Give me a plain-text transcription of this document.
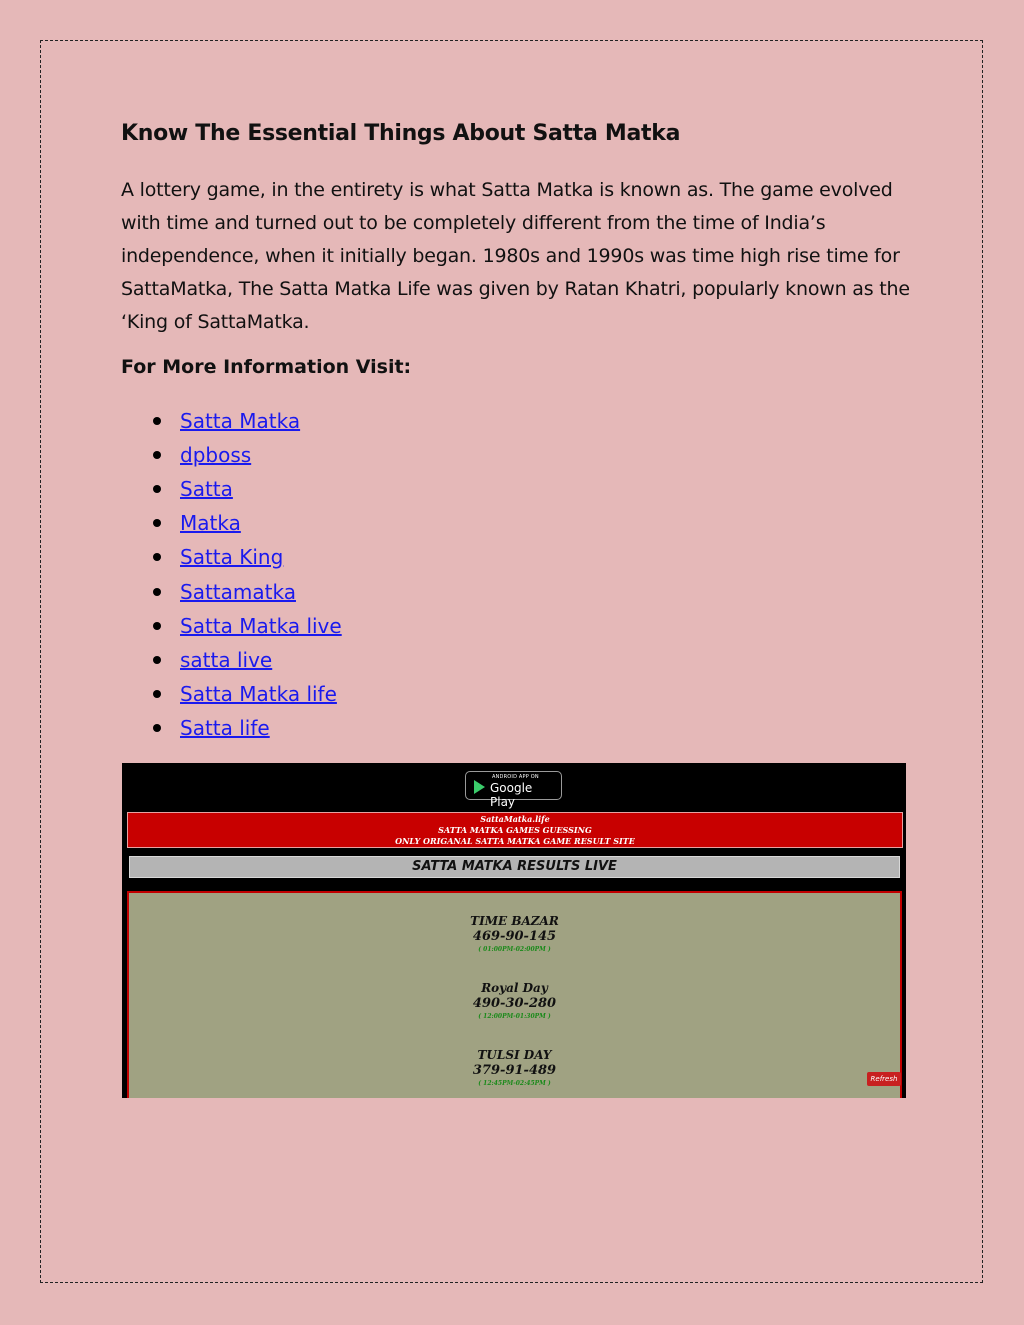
Know The Essential Things About Satta Matka

A lottery game, in the entirety is what Satta Matka is known as. The game evolved with time and turned out to be completely different from the time of India’s independence, when it initially began. 1980s and 1990s was time high rise time for SattaMatka, The Satta Matka Life was given by Ratan Khatri, popularly known as the ‘King of SattaMatka.

For More Information Visit:

Satta Matka
dpboss
Satta
Matka
Satta King
Sattamatka
Satta Matka live
satta live
Satta Matka life
Satta life
ANDROID APP ON
Google Play
SattaMatka.life
SATTA MATKA GAMES GUESSING
ONLY ORIGANAL SATTA MATKA GAME RESULT SITE
SATTA MATKA RESULTS LIVE
TIME BAZAR
469-90-145
( 01:00PM-02:00PM )
Royal Day
490-30-280
( 12:00PM-01:30PM )
TULSI DAY
379-91-489
( 12:45PM-02:45PM )
Refresh
